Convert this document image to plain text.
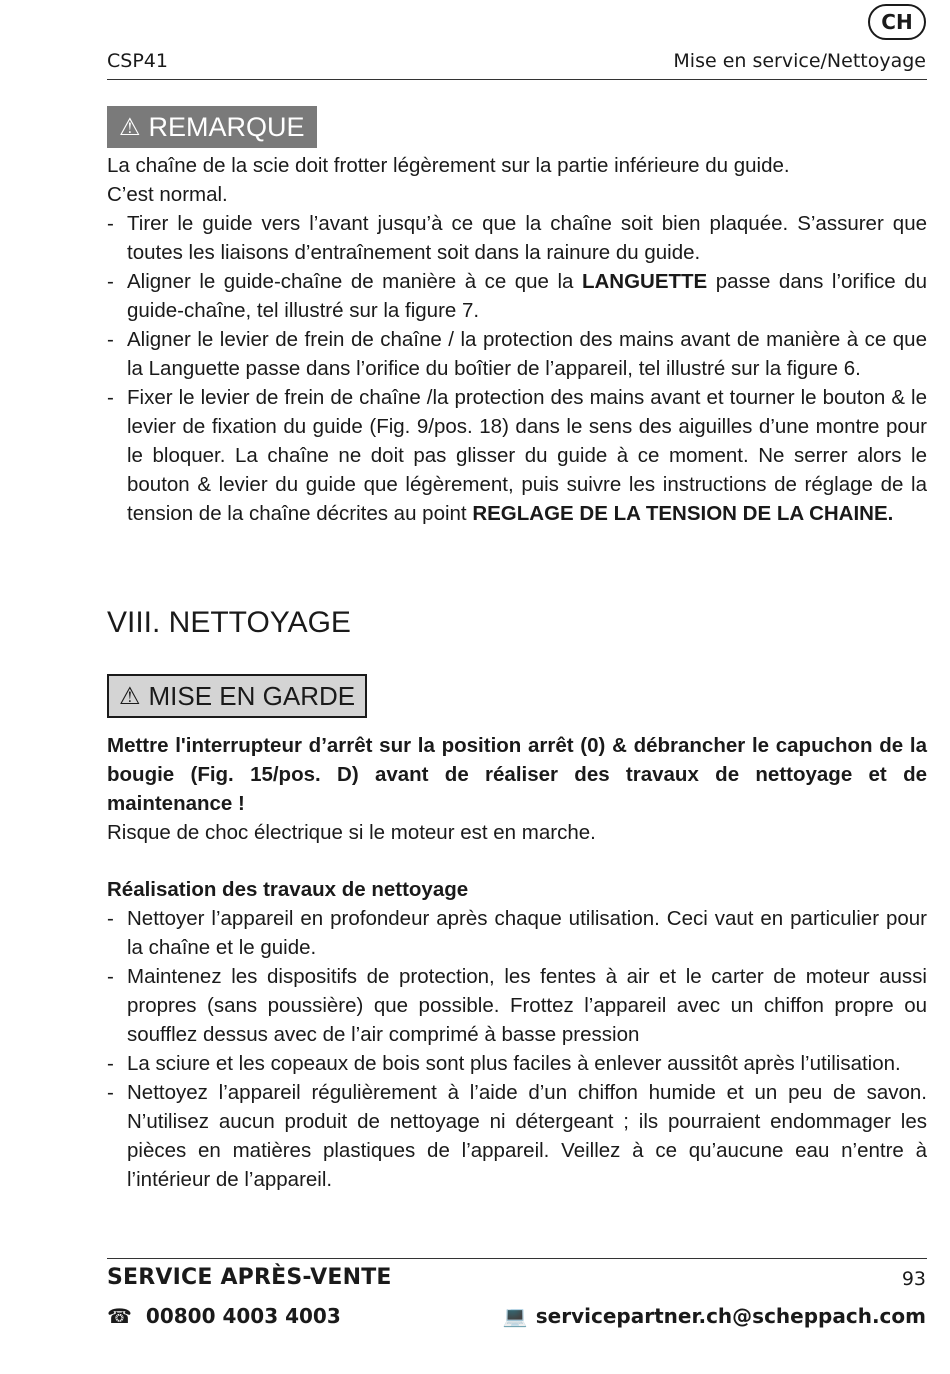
CH
CSP41	Mise en service/Nettoyage
⚠ REMARQUE

La chaîne de la scie doit frotter légèrement sur la partie inférieure du guide.

C’est normal.

- Tirer le guide vers l’avant jusqu’à ce que la chaîne soit bien plaquée. S’assurer que toutes les liaisons d’entraînement soit dans la rainure du guide.
- Aligner le guide-chaîne de manière à ce que la LANGUETTE passe dans l’orifice du guide-chaîne, tel illustré sur la figure 7.
- Aligner le levier de frein de chaîne / la protection des mains avant de manière à ce que la Languette passe dans l’orifice du boîtier de l’appareil, tel illustré sur la figure 6.
- Fixer le levier de frein de chaîne /la protection des mains avant et tourner le bouton & le levier de fixation du guide (Fig. 9/pos. 18) dans le sens des aiguilles d’une montre pour le bloquer. La chaîne ne doit pas glisser du guide à ce moment. Ne serrer alors le bouton & levier du guide que légèrement, puis suivre les instructions de réglage de la tension de la chaîne décrites au point REGLAGE DE LA TENSION DE LA CHAINE.
VIII. NETTOYAGE
⚠ MISE EN GARDE

Mettre l'interrupteur d’arrêt sur la position arrêt (0) & débrancher le capuchon de la bougie (Fig. 15/pos. D) avant de réaliser des travaux de nettoyage et de maintenance !

Risque de choc électrique si le moteur est en marche.

Réalisation des travaux de nettoyage

- Nettoyer l’appareil en profondeur après chaque utilisation. Ceci vaut en particulier pour la chaîne et le guide.
- Maintenez les dispositifs de protection, les fentes à air et le carter de moteur aussi propres (sans poussière) que possible. Frottez l’appareil avec un chiffon propre ou soufflez dessus avec de l’air comprimé à basse pression
- La sciure et les copeaux de bois sont plus faciles à enlever aussitôt après l’utilisation.
- Nettoyez l’appareil régulièrement à l’aide d’un chiffon humide et un peu de savon. N’utilisez aucun produit de nettoyage ni détergeant ; ils pourraient endommager les pièces en matières plastiques de l’appareil. Veillez à ce qu’aucune eau n’entre à l’intérieur de l’appareil.
SERVICE APRÈS-VENTE	93
☎ 00800 4003 4003	💻 servicepartner.ch@scheppach.com
